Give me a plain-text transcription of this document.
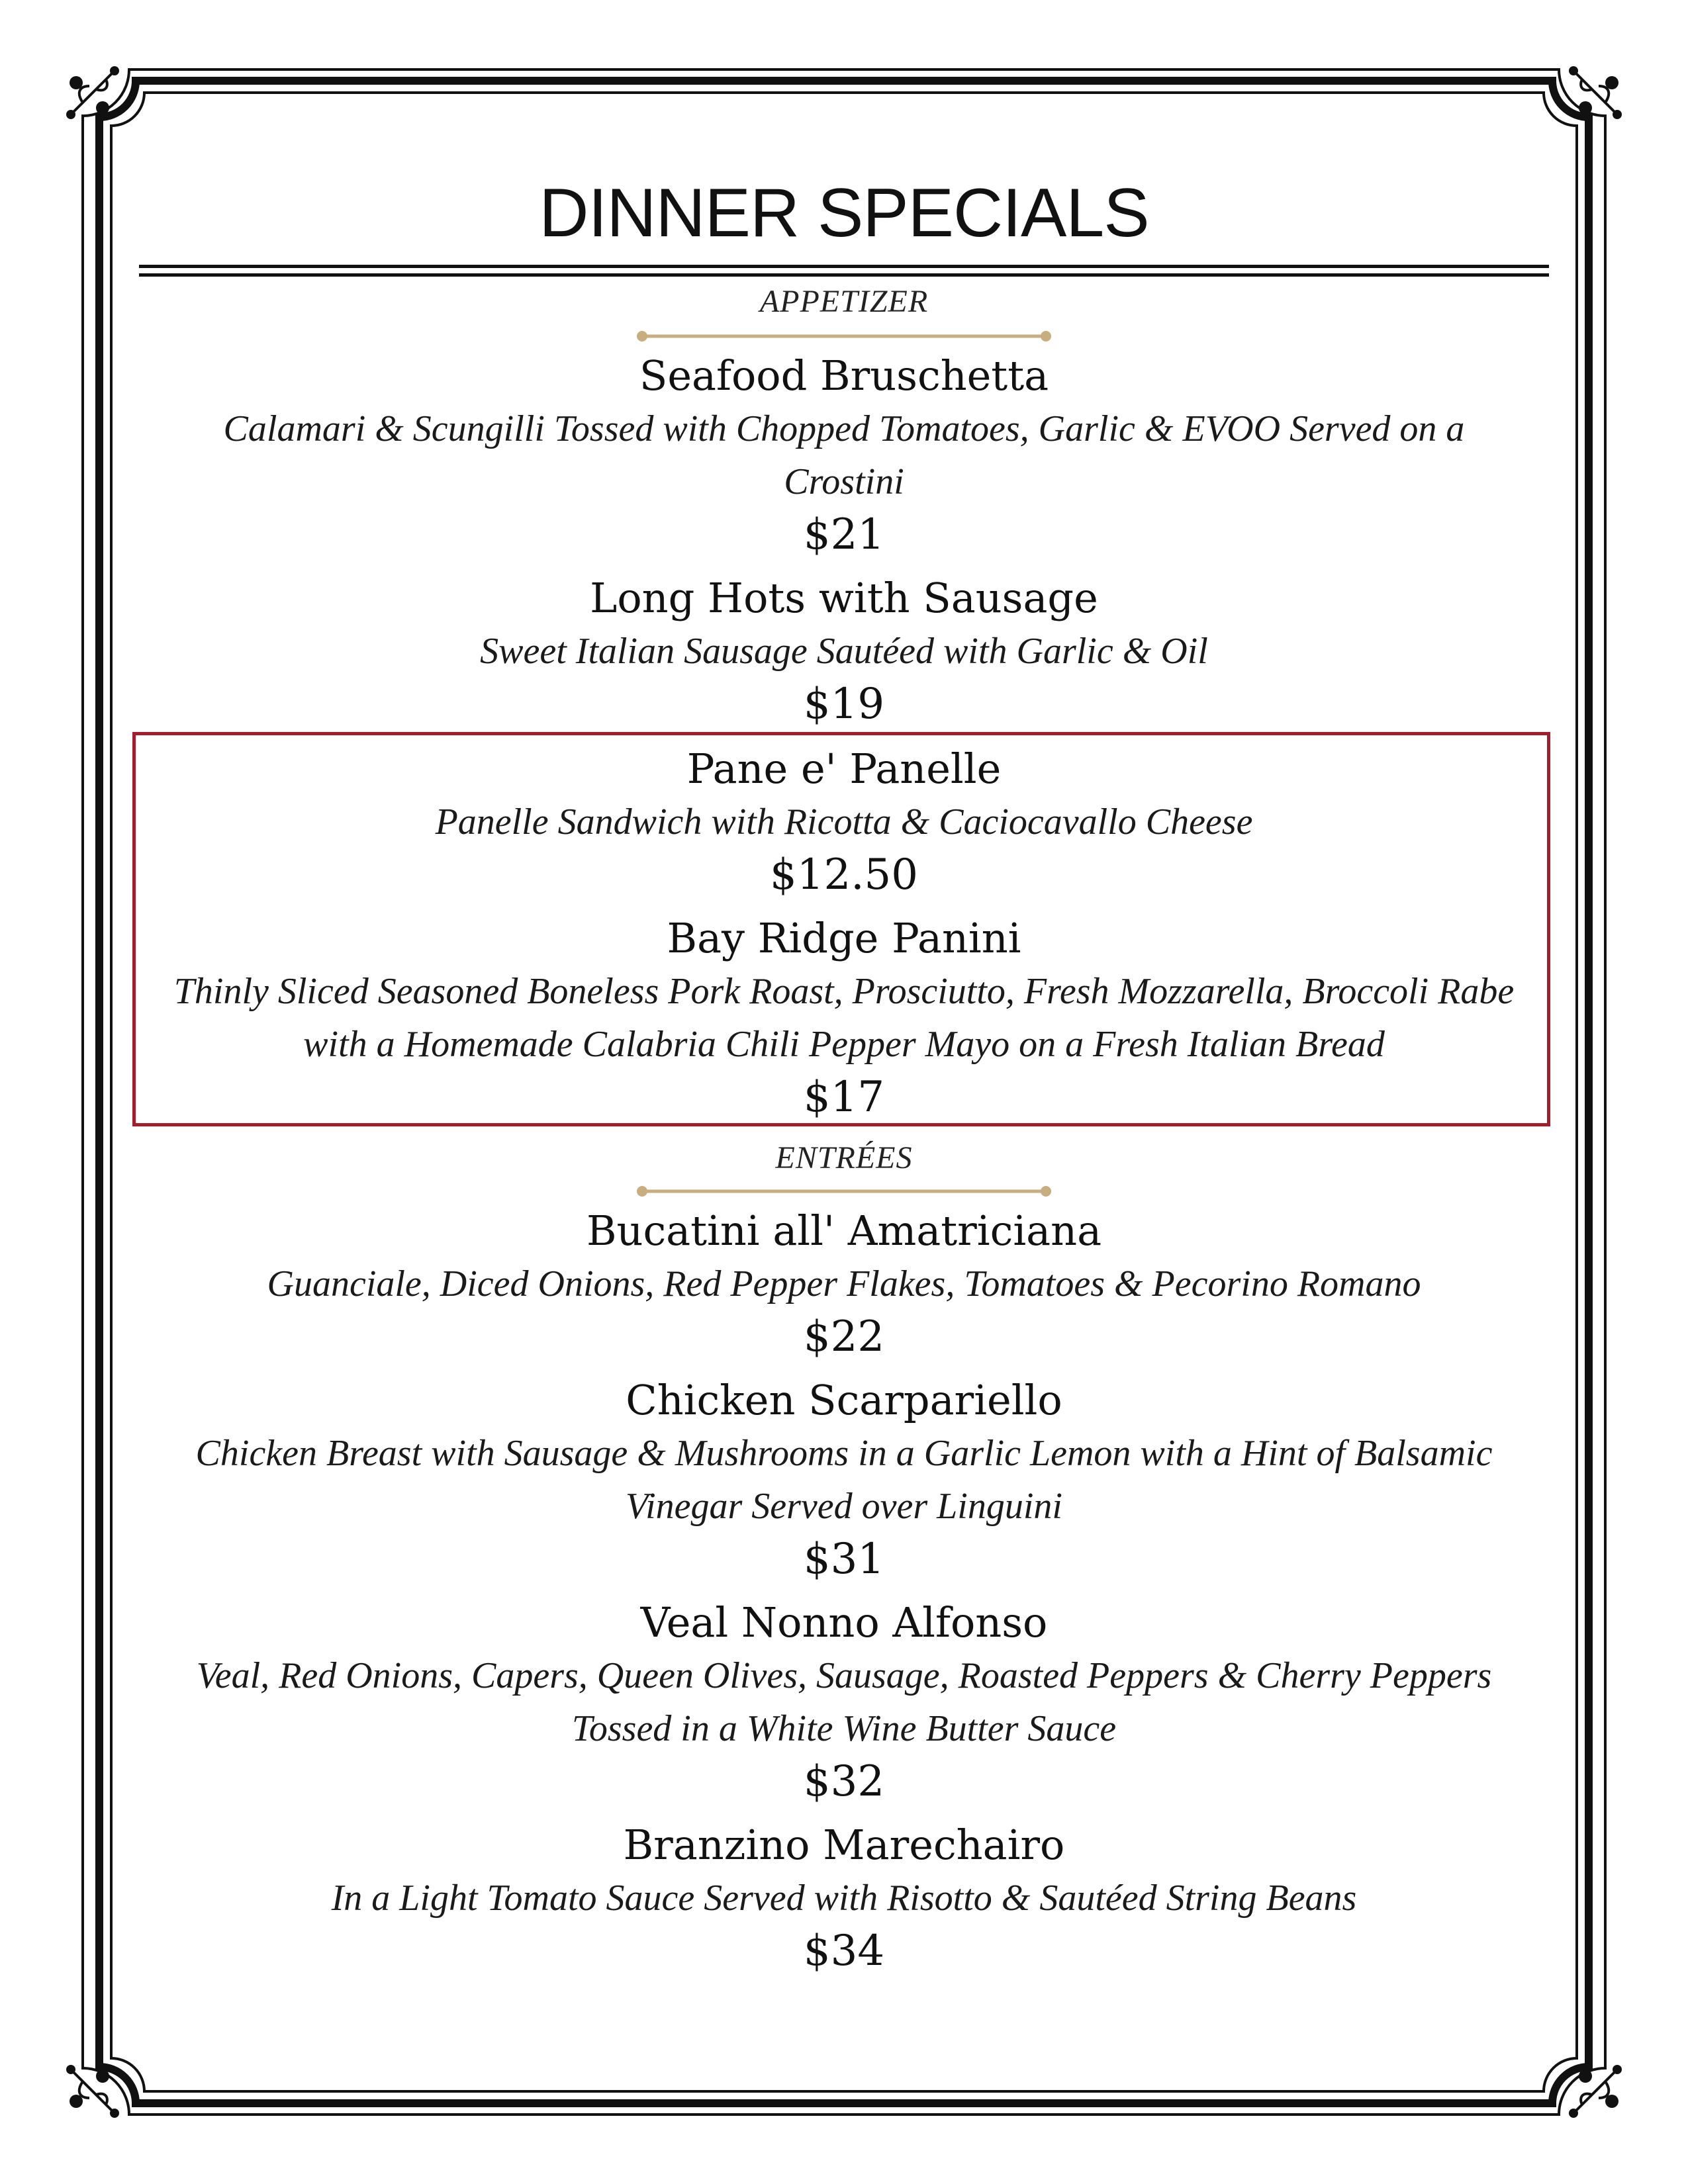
DINNER SPECIALS
APPETIZER
Seafood Bruschetta
Calamari & Scungilli Tossed with Chopped Tomatoes, Garlic & EVOO Served on a Crostini
$21
Long Hots with Sausage
Sweet Italian Sausage Sautéed with Garlic & Oil
$19
Pane e' Panelle
Panelle Sandwich with Ricotta & Caciocavallo Cheese
$12.50
Bay Ridge Panini
Thinly Sliced Seasoned Boneless Pork Roast, Prosciutto, Fresh Mozzarella, Broccoli Rabe with a Homemade Calabria Chili Pepper Mayo on a Fresh Italian Bread
$17
ENTRÉES
Bucatini all' Amatriciana
Guanciale, Diced Onions, Red Pepper Flakes, Tomatoes & Pecorino Romano
$22
Chicken Scarpariello
Chicken Breast with Sausage & Mushrooms in a Garlic Lemon with a Hint of Balsamic Vinegar Served over Linguini
$31
Veal Nonno Alfonso
Veal, Red Onions, Capers, Queen Olives, Sausage, Roasted Peppers & Cherry Peppers Tossed in a White Wine Butter Sauce
$32
Branzino Marechairo
In a Light Tomato Sauce Served with Risotto & Sautéed String Beans
$34
